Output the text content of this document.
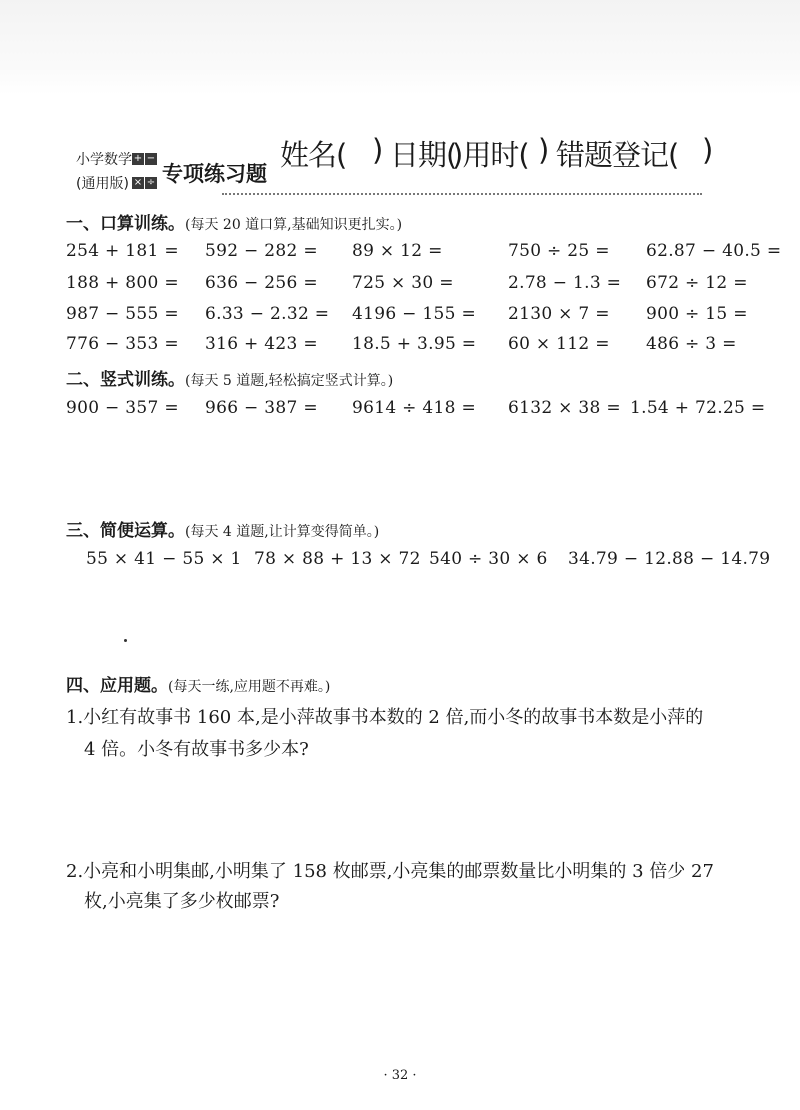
小学数学
(通用版)
+ −
× ÷ 专项练习题
姓名( ) 日期(
)用时( ) 错题登记( )
一、口算训练。(每天 20 道口算,基础知识更扎实。)
254 + 181 = 592 − 282 = 89 × 12 =	750 ÷ 25 = 62.87 − 40.5 =
188 + 800 = 636 − 256 = 725 × 30 =	2.78 − 1.3 = 672 ÷ 12 =
987 − 555 = 6.33 − 2.32 = 4196 − 155 = 2130 × 7 = 900 ÷ 15 =
776 − 353 = 316 + 423 = 18.5 + 3.95 = 60 × 112 = 486 ÷ 3 =
二、竖式训练。(每天 5 道题,轻松搞定竖式计算。)
900 − 357 = 966 − 387 = 9614 ÷ 418 = 6132 × 38 = 1.54 + 72.25 =
三、简便运算。(每天 4 道题,让计算变得简单。)
55 × 41 − 55 × 1 78 × 88 + 13 × 72 540 ÷ 30 × 6 34.79 − 12.88 − 14.79
四、应用题。(每天一练,应用题不再难。)
1.小红有故事书 160 本,是小萍故事书本数的 2 倍,而小冬的故事书本数是小萍的
4 倍。小冬有故事书多少本?
2.小亮和小明集邮,小明集了 158 枚邮票,小亮集的邮票数量比小明集的 3 倍少 27
枚,小亮集了多少枚邮票?
· 32 ·
